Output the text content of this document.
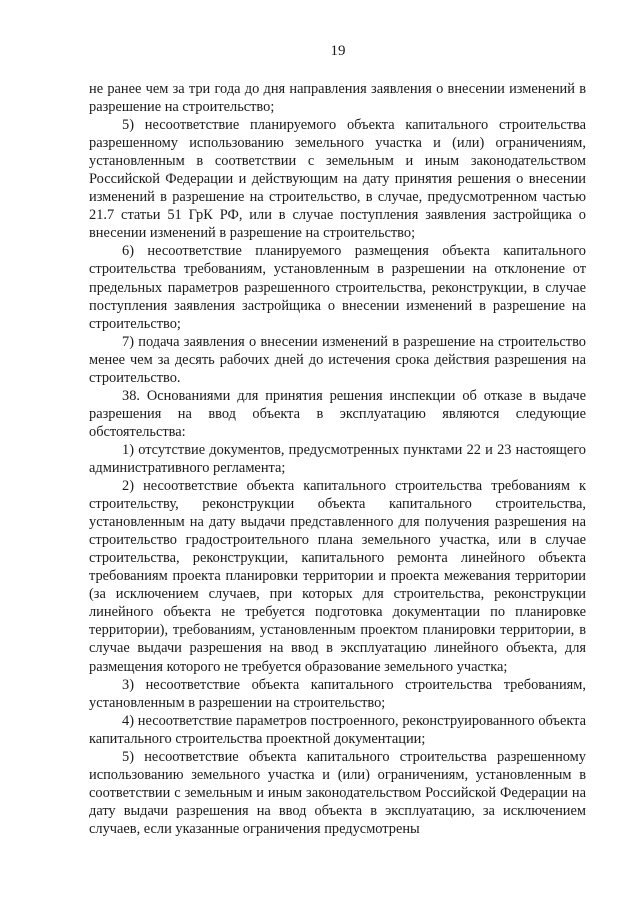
19

не ранее чем за три года до дня направления заявления о внесении изменений в разрешение на строительство;

5) несоответствие планируемого объекта капитального строительства разрешенному использованию земельного участка и (или) ограничениям, установленным в соответствии с земельным и иным законодательством Российской Федерации и действующим на дату принятия решения о внесении изменений в разрешение на строительство, в случае, предусмотренном частью 21.7 статьи 51 ГрК РФ, или в случае поступления заявления застройщика о внесении изменений в разрешение на строительство;

6) несоответствие планируемого размещения объекта капитального строительства требованиям, установленным в разрешении на отклонение от предельных параметров разрешенного строительства, реконструкции, в случае поступления заявления застройщика о внесении изменений в разрешение на строительство;

7) подача заявления о внесении изменений в разрешение на строительство менее чем за десять рабочих дней до истечения срока действия разрешения на строительство.

38. Основаниями для принятия решения инспекции об отказе в выдаче разрешения на ввод объекта в эксплуатацию являются следующие обстоятельства:

1) отсутствие документов, предусмотренных пунктами 22 и 23 настоящего административного регламента;

2) несоответствие объекта капитального строительства требованиям к строительству, реконструкции объекта капитального строительства, установленным на дату выдачи представленного для получения разрешения на строительство градостроительного плана земельного участка, или в случае строительства, реконструкции, капитального ремонта линейного объекта требованиям проекта планировки территории и проекта межевания территории (за исключением случаев, при которых для строительства, реконструкции линейного объекта не требуется подготовка документации по планировке территории), требованиям, установленным проектом планировки территории, в случае выдачи разрешения на ввод в эксплуатацию линейного объекта, для размещения которого не требуется образование земельного участка;

3) несоответствие объекта капитального строительства требованиям, установленным в разрешении на строительство;

4) несоответствие параметров построенного, реконструированного объекта капитального строительства проектной документации;

5) несоответствие объекта капитального строительства разрешенному использованию земельного участка и (или) ограничениям, установленным в соответствии с земельным и иным законодательством Российской Федерации на дату выдачи разрешения на ввод объекта в эксплуатацию, за исключением случаев, если указанные ограничения предусмотрены
